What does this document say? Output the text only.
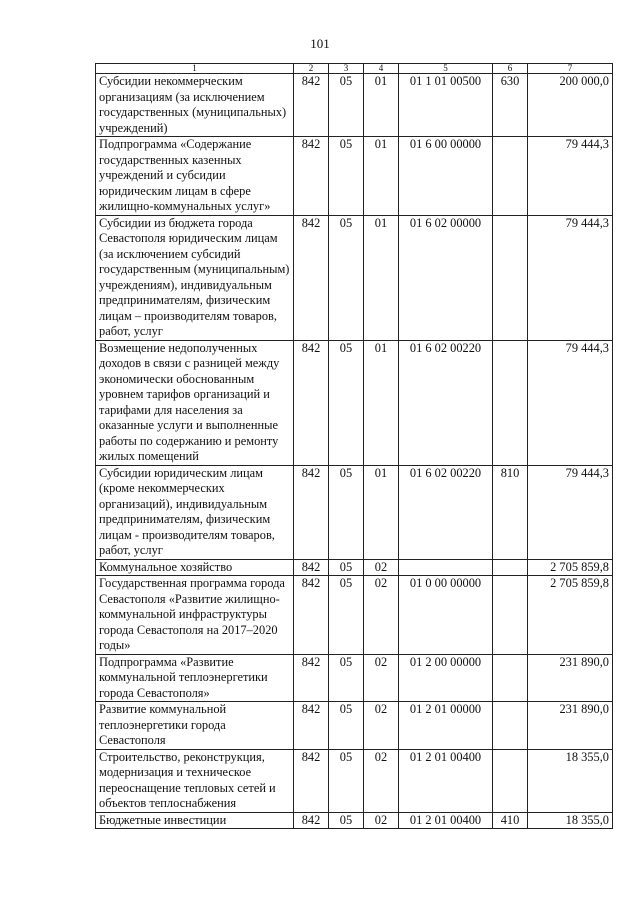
101
1	2	3	4	5	6	7
Субсидии некоммерческим организациям (за исключением государственных (муниципальных) учреждений)	842	05	01	01 1 01 00500	630	200 000,0
Подпрограмма «Содержание государственных казенных учреждений и субсидии юридическим лицам в сфере жилищно-коммунальных услуг»	842	05	01	01 6 00 00000		79 444,3
Субсидии из бюджета города Севастополя юридическим лицам (за исключением субсидий государственным (муниципальным) учреждениям), индивидуальным предпринимателям, физическим лицам – производителям товаров, работ, услуг	842	05	01	01 6 02 00000		79 444,3
Возмещение недополученных доходов в связи с разницей между экономически обоснованным уровнем тарифов организаций и тарифами для населения за оказанные услуги и выполненные работы по содержанию и ремонту жилых помещений	842	05	01	01 6 02 00220		79 444,3
Субсидии юридическим лицам (кроме некоммерческих организаций), индивидуальным предпринимателям, физическим лицам - производителям товаров, работ, услуг	842	05	01	01 6 02 00220	810	79 444,3
Коммунальное хозяйство	842	05	02			2 705 859,8
Государственная программа города Севастополя «Развитие жилищно-коммунальной инфраструктуры города Севастополя на 2017–2020 годы»	842	05	02	01 0 00 00000		2 705 859,8
Подпрограмма «Развитие коммунальной теплоэнергетики города Севастополя»	842	05	02	01 2 00 00000		231 890,0
Развитие коммунальной теплоэнергетики города Севастополя	842	05	02	01 2 01 00000		231 890,0
Строительство, реконструкция, модернизация и техническое переоснащение тепловых сетей и объектов теплоснабжения	842	05	02	01 2 01 00400		18 355,0
Бюджетные инвестиции	842	05	02	01 2 01 00400	410	18 355,0
